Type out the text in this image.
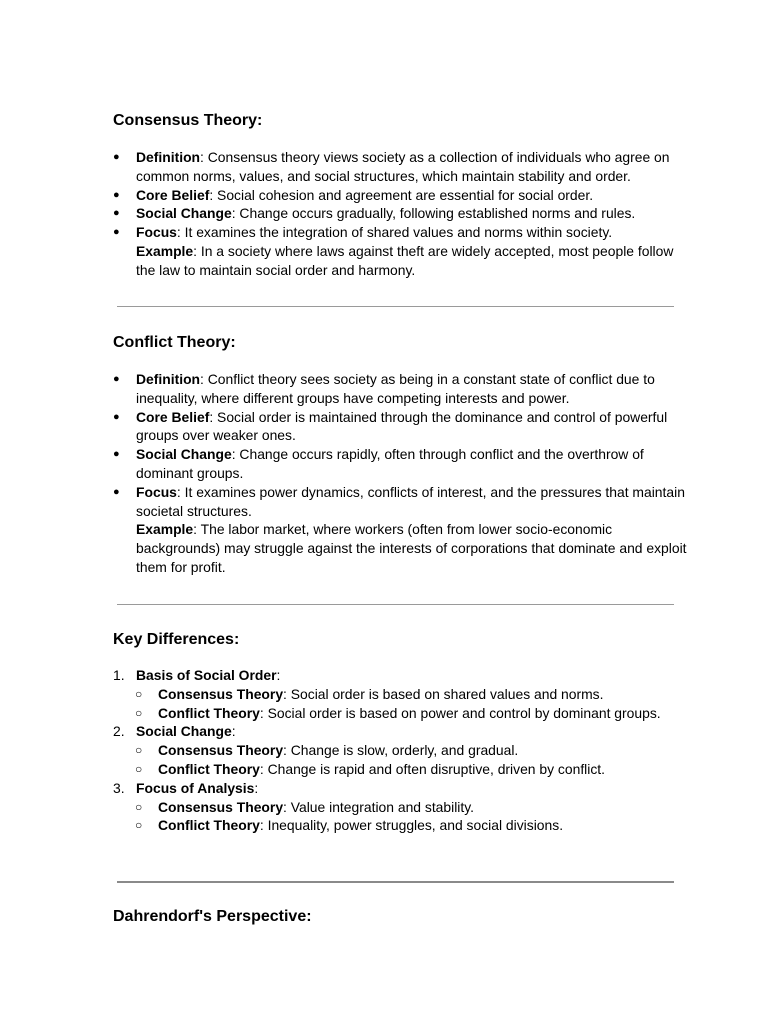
Consensus Theory:
●	Definition: Consensus theory views society as a collection of individuals who agree on common norms, values, and social structures, which maintain stability and order.
●	Core Belief: Social cohesion and agreement are essential for social order.
●	Social Change: Change occurs gradually, following established norms and rules.
●	Focus: It examines the integration of shared values and norms within society.
Example: In a society where laws against theft are widely accepted, most people follow the law to maintain social order and harmony.
Conflict Theory:
●	Definition: Conflict theory sees society as being in a constant state of conflict due to inequality, where different groups have competing interests and power.
●	Core Belief: Social order is maintained through the dominance and control of powerful groups over weaker ones.
●	Social Change: Change occurs rapidly, often through conflict and the overthrow of dominant groups.
●	Focus: It examines power dynamics, conflicts of interest, and the pressures that maintain societal structures.
Example: The labor market, where workers (often from lower socio-economic backgrounds) may struggle against the interests of corporations that dominate and exploit them for profit.
Key Differences:
1. Basis of Social Order:
○ Consensus Theory: Social order is based on shared values and norms.
○ Conflict Theory: Social order is based on power and control by dominant groups.
2. Social Change:
○ Consensus Theory: Change is slow, orderly, and gradual.
○ Conflict Theory: Change is rapid and often disruptive, driven by conflict.
3. Focus of Analysis:
○ Consensus Theory: Value integration and stability.
○ Conflict Theory: Inequality, power struggles, and social divisions.
Dahrendorf's Perspective:
